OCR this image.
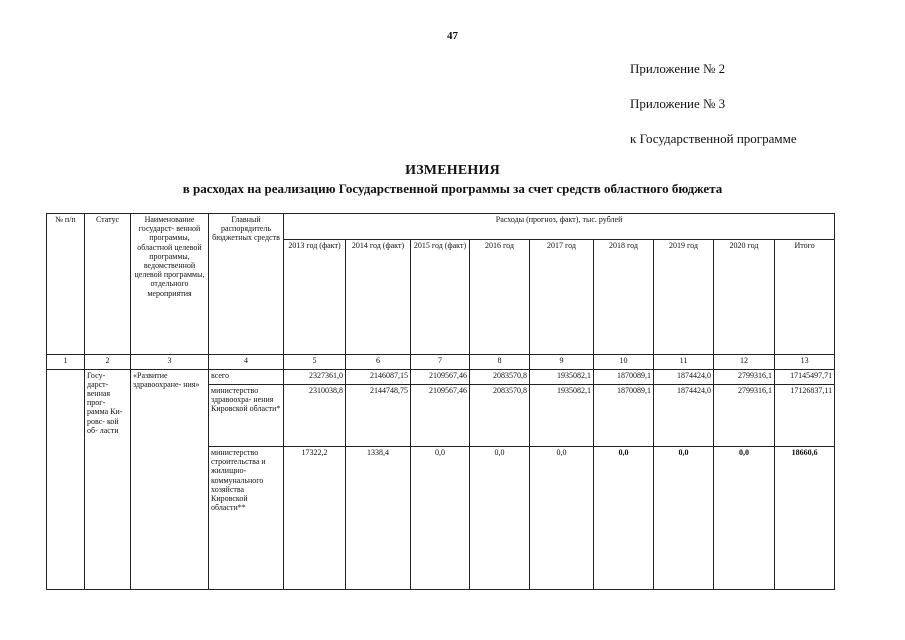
47
Приложение № 2
Приложение № 3
к Государственной программе
ИЗМЕНЕНИЯ
в расходах на реализацию Государственной программы за счет средств областного бюджета
№ п/п	Статус	Наименование государст- венной программы, областной целевой программы, ведомственной целевой программы, отдельного мероприятия	Главный распорядитель бюджетных средств	Расходы (прогноз, факт), тыс. рублей								
				2013 год (факт)	2014 год (факт)	2015 год (факт)	2016 год	2017 год	2018 год	2019 год	2020 год	Итого
1	2	3	4	5	6	7	8	9	10	11	12	13
	Госу- дарст- венная прог- рамма Ки- ровс- кой об- ласти	«Развитие здравоохране- ния»	всего	2327361,0	2146087,15	2109567,46	2083570,8	1935082,1	1870089,1	1874424,0	2799316,1	17145497,71
			министерство здравоохра- нения Кировской области*	2310038,8	2144748,75	2109567,46	2083570,8	1935082,1	1870089,1	1874424,0	2799316,1	17126837,11
			министерство строительства и жилищно- коммунального хозяйства Кировской области**	17322,2	1338,4	0,0	0,0	0,0	0,0	0,0	0,0	18660,6
